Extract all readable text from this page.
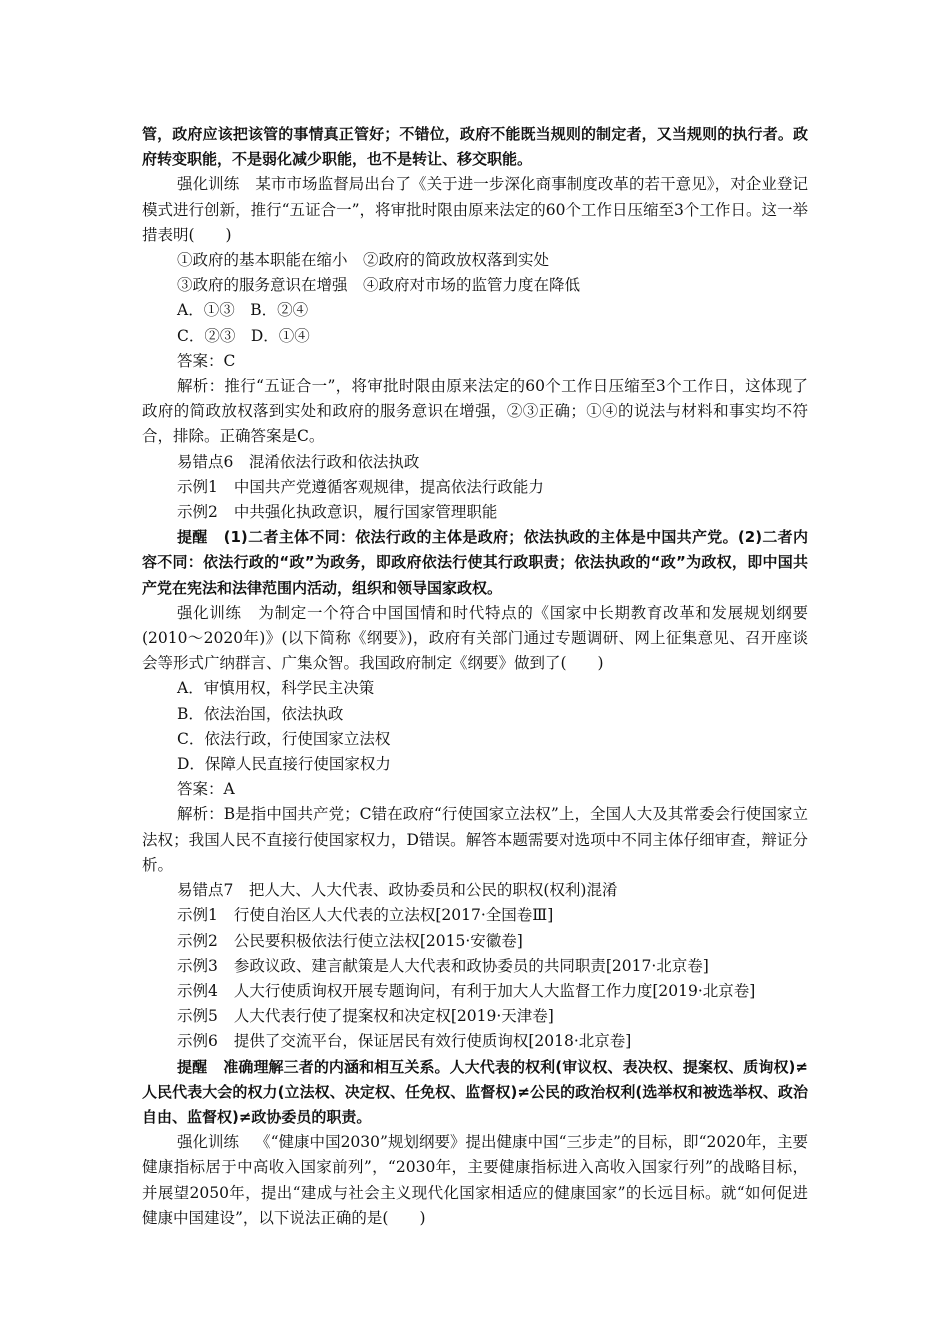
管，政府应该把该管的事情真正管好；不错位，政府不能既当规则的制定者，又当规则的执行者。政府转变职能，不是弱化减少职能，也不是转让、移交职能。

强化训练 某市市场监督局出台了《关于进一步深化商事制度改革的若干意见》，对企业登记模式进行创新，推行“五证合一”，将审批时限由原来法定的60个工作日压缩至3个工作日。这一举措表明(　　)

①政府的基本职能在缩小　②政府的简政放权落到实处

③政府的服务意识在增强　④政府对市场的监管力度在降低

A．①③　B．②④

C．②③　D．①④

答案：C

解析：推行“五证合一”，将审批时限由原来法定的60个工作日压缩至3个工作日，这体现了政府的简政放权落到实处和政府的服务意识在增强，②③正确；①④的说法与材料和事实均不符合，排除。正确答案是C。

易错点6　混淆依法行政和依法执政

示例1 中国共产党遵循客观规律，提高依法行政能力

示例2 中共强化执政意识，履行国家管理职能

提醒 (1)二者主体不同：依法行政的主体是政府；依法执政的主体是中国共产党。(2)二者内容不同：依法行政的“政”为政务，即政府依法行使其行政职责；依法执政的“政”为政权，即中国共产党在宪法和法律范围内活动，组织和领导国家政权。

强化训练 为制定一个符合中国国情和时代特点的《国家中长期教育改革和发展规划纲要(2010～2020年)》(以下简称《纲要》)，政府有关部门通过专题调研、网上征集意见、召开座谈会等形式广纳群言、广集众智。我国政府制定《纲要》做到了(　　)

A．审慎用权，科学民主决策

B．依法治国，依法执政

C．依法行政，行使国家立法权

D．保障人民直接行使国家权力

答案：A

解析：B是指中国共产党；C错在政府“行使国家立法权”上，全国人大及其常委会行使国家立法权；我国人民不直接行使国家权力，D错误。解答本题需要对选项中不同主体仔细审查，辩证分析。

易错点7　把人大、人大代表、政协委员和公民的职权(权利)混淆

示例1 行使自治区人大代表的立法权[2017·全国卷Ⅲ]

示例2 公民要积极依法行使立法权[2015·安徽卷]

示例3 参政议政、建言献策是人大代表和政协委员的共同职责[2017·北京卷]

示例4 人大行使质询权开展专题询问，有利于加大人大监督工作力度[2019·北京卷]

示例5 人大代表行使了提案权和决定权[2019·天津卷]

示例6 提供了交流平台，保证居民有效行使质询权[2018·北京卷]

提醒 准确理解三者的内涵和相互关系。人大代表的权利(审议权、表决权、提案权、质询权)≠人民代表大会的权力(立法权、决定权、任免权、监督权)≠公民的政治权利(选举权和被选举权、政治自由、监督权)≠政协委员的职责。

强化训练 《“健康中国2030”规划纲要》提出健康中国“三步走”的目标，即“2020年，主要健康指标居于中高收入国家前列”，“2030年，主要健康指标进入高收入国家行列”的战略目标，并展望2050年，提出“建成与社会主义现代化国家相适应的健康国家”的长远目标。就“如何促进健康中国建设”，以下说法正确的是(　　)
